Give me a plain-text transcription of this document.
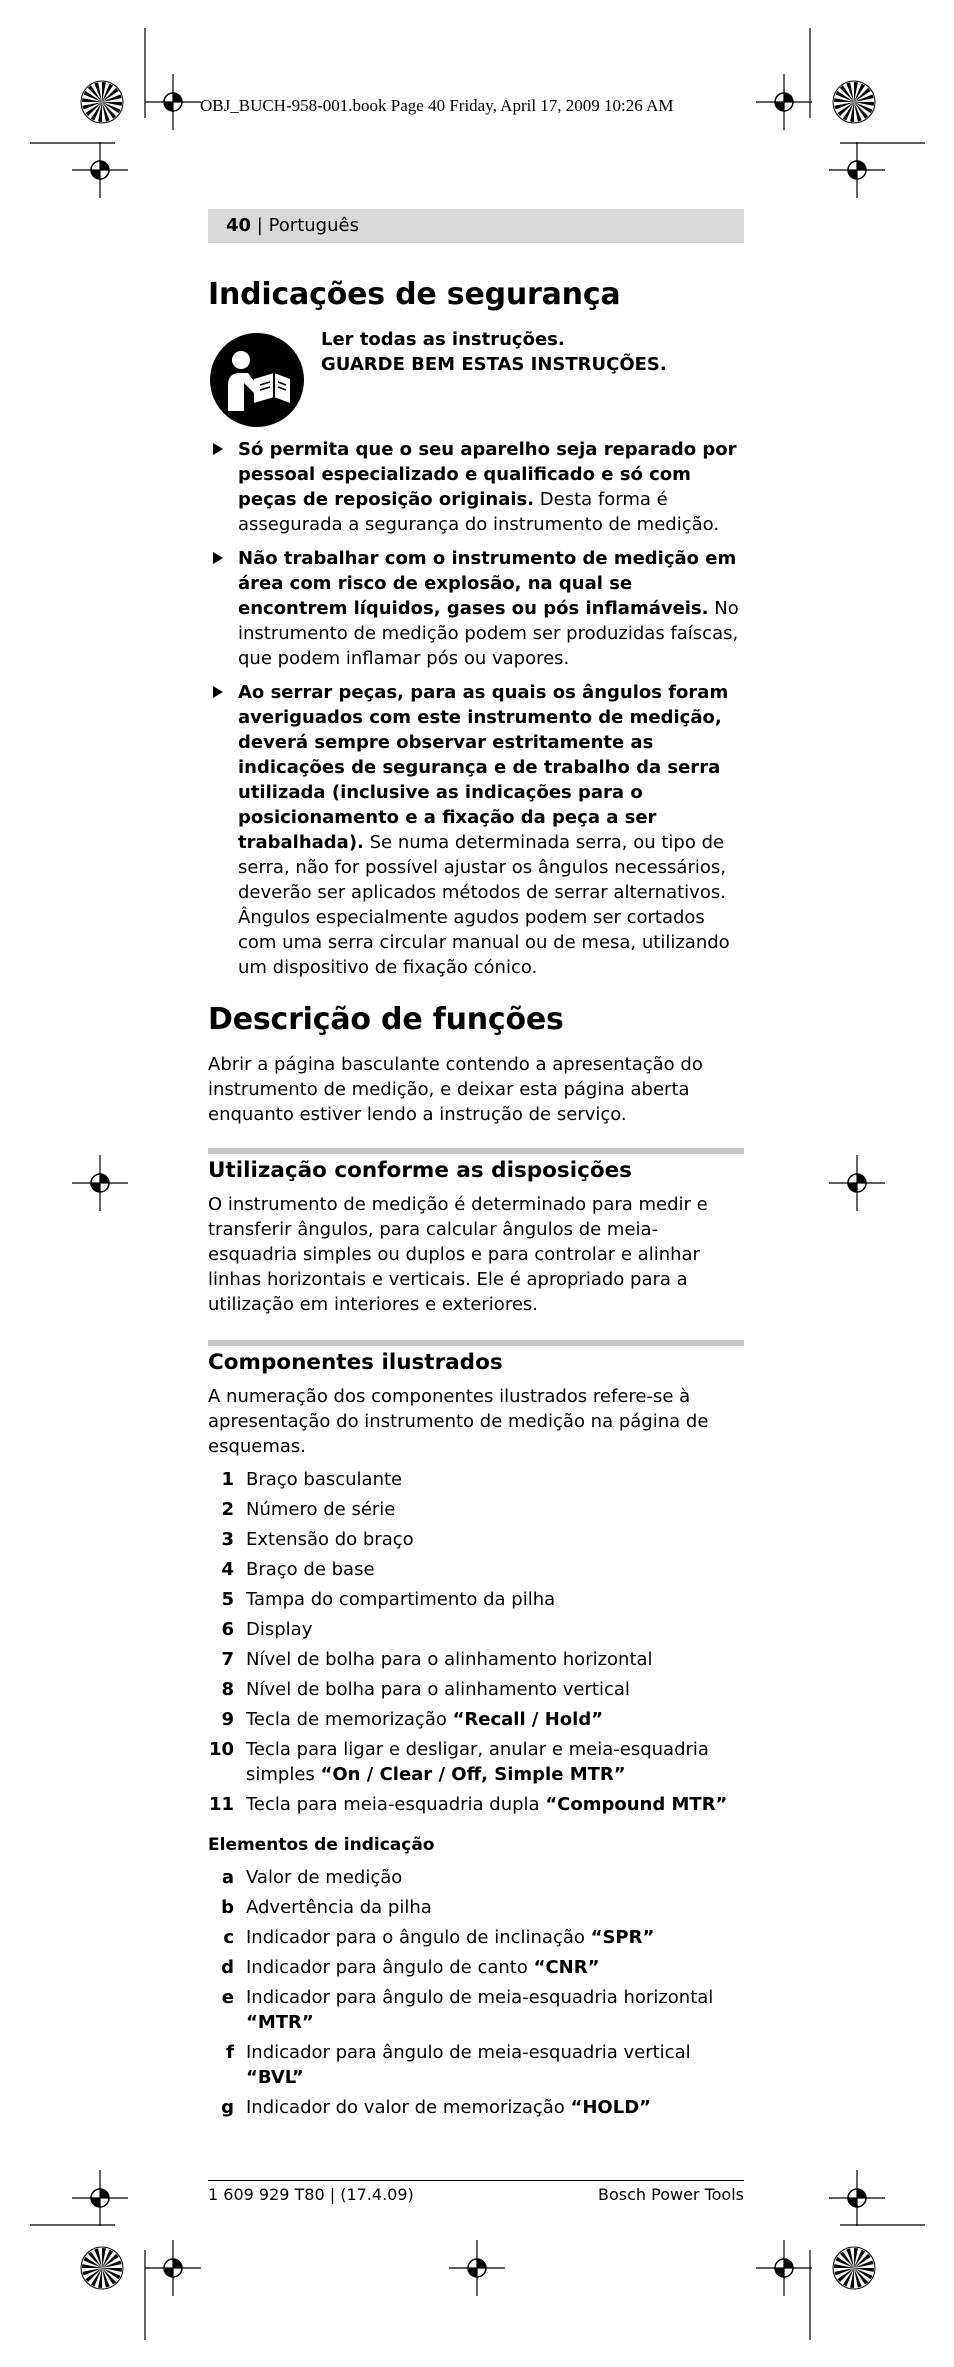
OBJ_BUCH-958-001.book Page 40 Friday, April 17, 2009 10:26 AM
40 | Português
Indicações de segurança
Ler todas as instruções.
GUARDE BEM ESTAS INSTRUÇÕES.
Só permita que o seu aparelho seja reparado por pessoal especializado e qualificado e só com peças de reposição originais. Desta forma é assegurada a segurança do instrumento de medição.
Não trabalhar com o instrumento de medição em área com risco de explosão, na qual se encontrem líquidos, gases ou pós inflamáveis. No instrumento de medição podem ser produzidas faíscas, que podem inflamar pós ou vapores.
Ao serrar peças, para as quais os ângulos foram averiguados com este instrumento de medição, deverá sempre observar estritamente as indicações de segurança e de trabalho da serra utilizada (inclusive as indicações para o posicionamento e a fixação da peça a ser trabalhada). Se numa determinada serra, ou tipo de serra, não for possível ajustar os ângulos necessários, deverão ser aplicados métodos de serrar alternativos. Ângulos especialmente agudos podem ser cortados com uma serra circular manual ou de mesa, utilizando um dispositivo de fixação cónico.
Descrição de funções

Abrir a página basculante contendo a apresentação do instrumento de medição, e deixar esta página aberta enquanto estiver lendo a instrução de serviço.

Utilização conforme as disposições

O instrumento de medição é determinado para medir e transferir ângulos, para calcular ângulos de meia-esquadria simples ou duplos e para controlar e alinhar linhas horizontais e verticais. Ele é apropriado para a utilização em interiores e exteriores.

Componentes ilustrados

A numeração dos componentes ilustrados refere-se à apresentação do instrumento de medição na página de esquemas.

1 Braço basculante
2 Número de série
3 Extensão do braço
4 Braço de base
5 Tampa do compartimento da pilha
6 Display
7 Nível de bolha para o alinhamento horizontal
8 Nível de bolha para o alinhamento vertical
9 Tecla de memorização “Recall / Hold”
10 Tecla para ligar e desligar, anular e meia-esquadria simples “On / Clear / Off, Simple MTR”
11 Tecla para meia-esquadria dupla “Compound MTR”
Elementos de indicação
a Valor de medição
b Advertência da pilha
c Indicador para o ângulo de inclinação “SPR”
d Indicador para ângulo de canto “CNR”
e Indicador para ângulo de meia-esquadria horizontal “MTR”
f Indicador para ângulo de meia-esquadria vertical “BVL”
g Indicador do valor de memorização “HOLD”
1 609 929 T80 | (17.4.09)	Bosch Power Tools
